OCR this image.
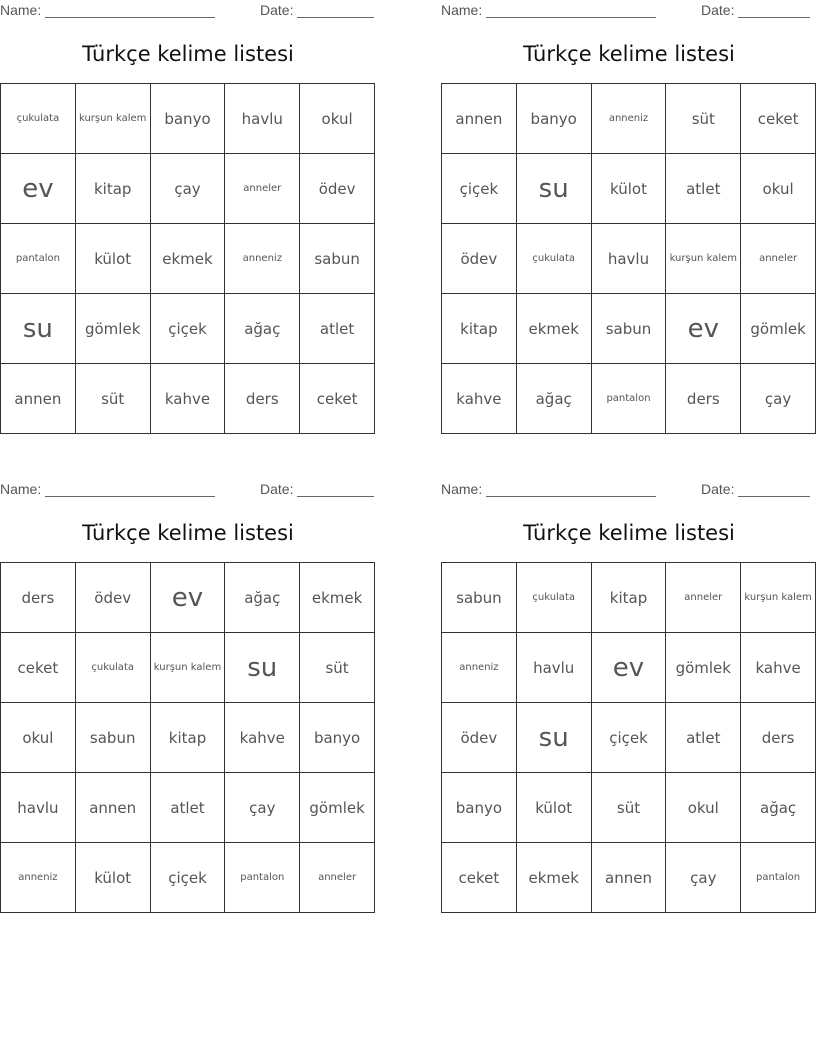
Name:	Date:
Türkçe kelime listesi
çukulata	kurşun kalem	banyo	havlu	okul
ev	kitap	çay	anneler	ödev
pantalon	külot	ekmek	anneniz	sabun
su	gömlek	çiçek	ağaç	atlet
annen	süt	kahve	ders	ceket
Name:	Date:
Türkçe kelime listesi
annen	banyo	anneniz	süt	ceket
çiçek	su	külot	atlet	okul
ödev	çukulata	havlu	kurşun kalem	anneler
kitap	ekmek	sabun	ev	gömlek
kahve	ağaç	pantalon	ders	çay
Name:	Date:
Türkçe kelime listesi
ders	ödev	ev	ağaç	ekmek
ceket	çukulata	kurşun kalem	su	süt
okul	sabun	kitap	kahve	banyo
havlu	annen	atlet	çay	gömlek
anneniz	külot	çiçek	pantalon	anneler
Name:	Date:
Türkçe kelime listesi
sabun	çukulata	kitap	anneler	kurşun kalem
anneniz	havlu	ev	gömlek	kahve
ödev	su	çiçek	atlet	ders
banyo	külot	süt	okul	ağaç
ceket	ekmek	annen	çay	pantalon
